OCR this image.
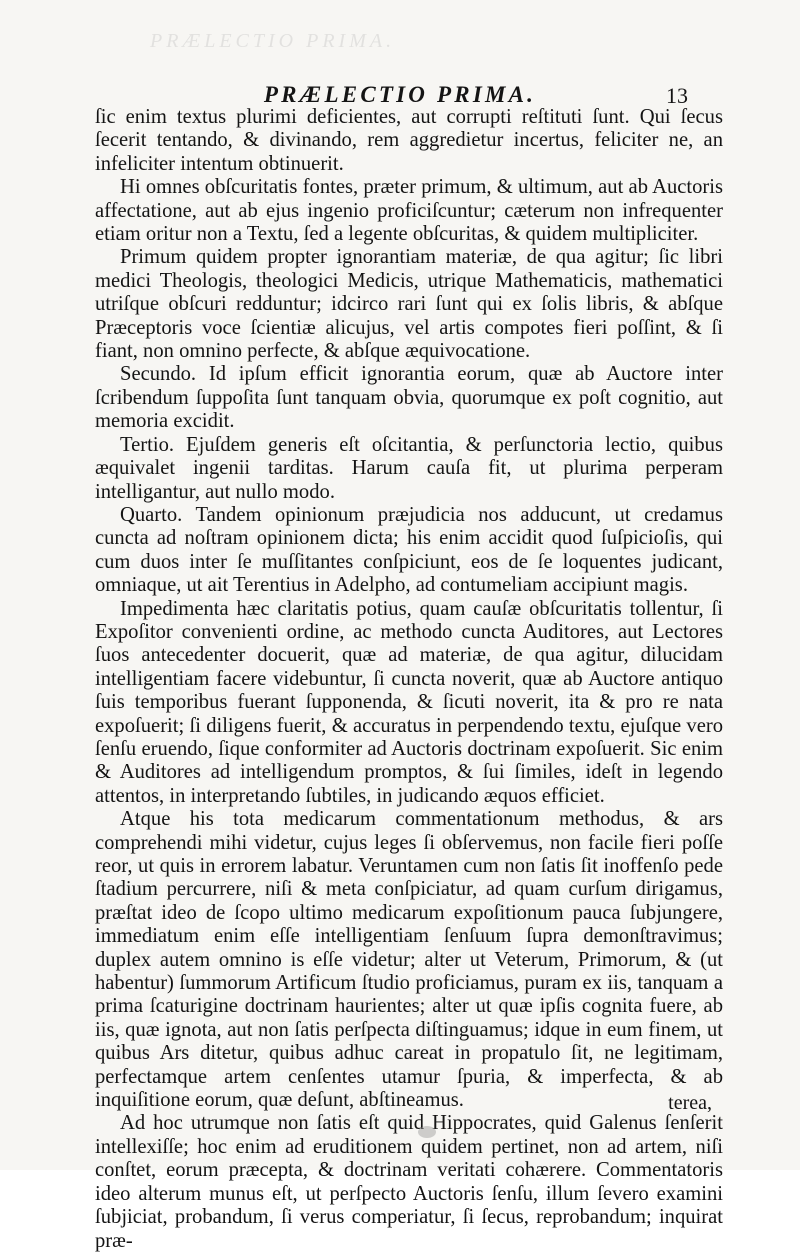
PRÆLECTIO PRIMA.
PRÆLECTIO PRIMA.	13

ſic enim textus plurimi deficientes, aut corrupti reſtituti ſunt. Qui ſecus ſecerit tentando, & divinando, rem aggredietur incertus, feliciter ne, an infeliciter intentum obtinuerit.

Hi omnes obſcuritatis fontes, præter primum, & ultimum, aut ab Auctoris affectatione, aut ab ejus ingenio proficiſcuntur; cæterum non infrequenter etiam oritur non a Textu, ſed a legente obſcuritas, & quidem multipliciter.

Primum quidem propter ignorantiam materiæ, de qua agitur; ſic libri medici Theologis, theologici Medicis, utrique Mathematicis, mathematici utriſque obſcuri redduntur; idcirco rari ſunt qui ex ſolis libris, & abſque Præceptoris voce ſcientiæ alicujus, vel artis compotes fieri poſſint, & ſi fiant, non omnino perfecte, & abſque æquivocatione.

Secundo. Id ipſum efficit ignorantia eorum, quæ ab Auctore inter ſcribendum ſuppoſita ſunt tanquam obvia, quorumque ex poſt cognitio, aut memoria excidit.

Tertio. Ejuſdem generis eſt oſcitantia, & perſunctoria lectio, quibus æquivalet ingenii tarditas. Harum cauſa fit, ut plurima perperam intelligantur, aut nullo modo.

Quarto. Tandem opinionum præjudicia nos adducunt, ut credamus cuncta ad noſtram opinionem dicta; his enim accidit quod ſuſpicioſis, qui cum duos inter ſe muſſitantes conſpiciunt, eos de ſe loquentes judicant, omniaque, ut ait Terentius in Adelpho, ad contumeliam accipiunt magis.

Impedimenta hæc claritatis potius, quam cauſæ obſcuritatis tollentur, ſi Expoſitor convenienti ordine, ac methodo cuncta Auditores, aut Lectores ſuos antecedenter docuerit, quæ ad materiæ, de qua agitur, dilucidam intelligentiam facere videbuntur, ſi cuncta noverit, quæ ab Auctore antiquo ſuis temporibus fuerant ſupponenda, & ſicuti noverit, ita & pro re nata expoſuerit; ſi diligens fuerit, & accuratus in perpendendo textu, ejuſque vero ſenſu eruendo, ſique conformiter ad Auctoris doctrinam expoſuerit. Sic enim & Auditores ad intelligendum promptos, & ſui ſimiles, ideſt in legendo attentos, in interpretando ſubtiles, in judicando æquos efficiet.

Atque his tota medicarum commentationum methodus, & ars comprehendi mihi videtur, cujus leges ſi obſervemus, non facile fieri poſſe reor, ut quis in errorem labatur. Veruntamen cum non ſatis ſit inoffenſo pede ſtadium percurrere, niſi & meta conſpiciatur, ad quam curſum dirigamus, præſtat ideo de ſcopo ultimo medicarum expoſitionum pauca ſubjungere, immediatum enim eſſe intelligentiam ſenſuum ſupra demonſtravimus; duplex autem omnino is eſſe videtur; alter ut Veterum, Primorum, & (ut habentur) ſummorum Artificum ſtudio proficiamus, puram ex iis, tanquam a prima ſcaturigine doctrinam haurientes; alter ut quæ ipſis cognita fuere, ab iis, quæ ignota, aut non ſatis perſpecta diſtinguamus; idque in eum finem, ut quibus Ars ditetur, quibus adhuc careat in propatulo ſit, ne legitimam, perfectamque artem cenſentes utamur ſpuria, & imperfecta, & ab inquiſitione eorum, quæ deſunt, abſtineamus.

Ad hoc utrumque non ſatis eſt quid Hippocrates, quid Galenus ſenſerit intellexiſſe; hoc enim ad eruditionem quidem pertinet, non ad artem, niſi conſtet, eorum præcepta, & doctrinam veritati cohærere. Commentatoris ideo alterum munus eſt, ut perſpecto Auctoris ſenſu, illum ſevero examini ſubjiciat, probandum, ſi verus comperiatur, ſi ſecus, reprobandum; inquirat præ-

terea,
